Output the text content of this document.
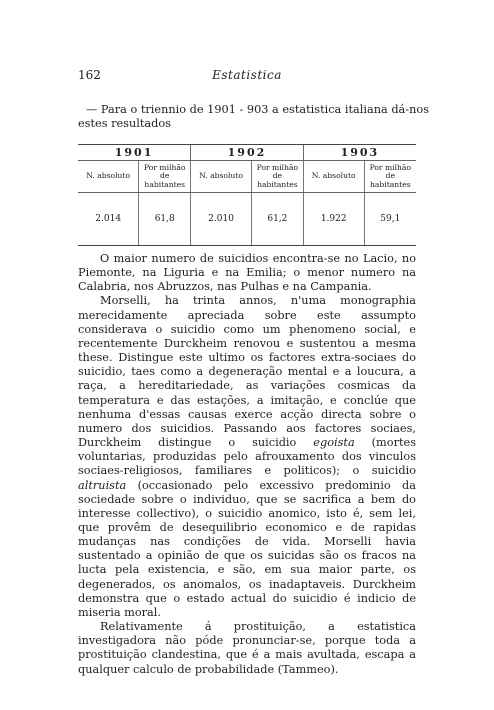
162	Estatistica
— Para o triennio de 1901 - 903 a estatistica italiana dá-nos
estes resultados
1901		1902		1903	
N. absoluto	Por milhão de habitantes	N. absoluto	Por milhão de habitantes	N. absoluto	Por milhão de habitantes
2.014	61,8	2.010	61,2	1.922	59,1

O maior numero de suicidios encontra-se no Lacio, no Piemonte, na Liguria e na Emilia; o menor numero na Calabria, nos Abruzzos, nas Pulhas e na Campania.

Morselli, ha trinta annos, n'uma monographia merecidamente apreciada sobre este assumpto considerava o suicidio como um phenomeno social, e recentemente Durckheim renovou e sustentou a mesma these. Distingue este ultimo os factores extra-sociaes do suicidio, taes como a degeneração mental e a loucura, a raça, a hereditariedade, as variações cosmicas da temperatura e das estações, a imitação, e conclúe que nenhuma d'essas causas exerce acção directa sobre o numero dos suicidios. Passando aos factores sociaes, Durckheim distingue o suicidio egoista (mortes voluntarias, produzidas pelo afrouxamento dos vinculos sociaes-religiosos, familiares e politicos); o suicidio altruista (occasionado pelo excessivo predominio da sociedade sobre o individuo, que se sacrifica a bem do interesse collectivo), o suicidio anomico, isto é, sem lei, que provêm de desequilibrio economico e de rapidas mudanças nas condições de vida. Morselli havia sustentado a opinião de que os suicidas são os fracos na lucta pela existencia, e são, em sua maior parte, os degenerados, os anomalos, os inadaptaveis. Durckheim demonstra que o estado actual do suicidio é indicio de miseria moral.

Relativamente á prostituição, a estatistica investigadora não póde pronunciar-se, porque toda a prostituição clandestina, que é a mais avultada, escapa a qualquer calculo de probabilidade (Tammeo).
